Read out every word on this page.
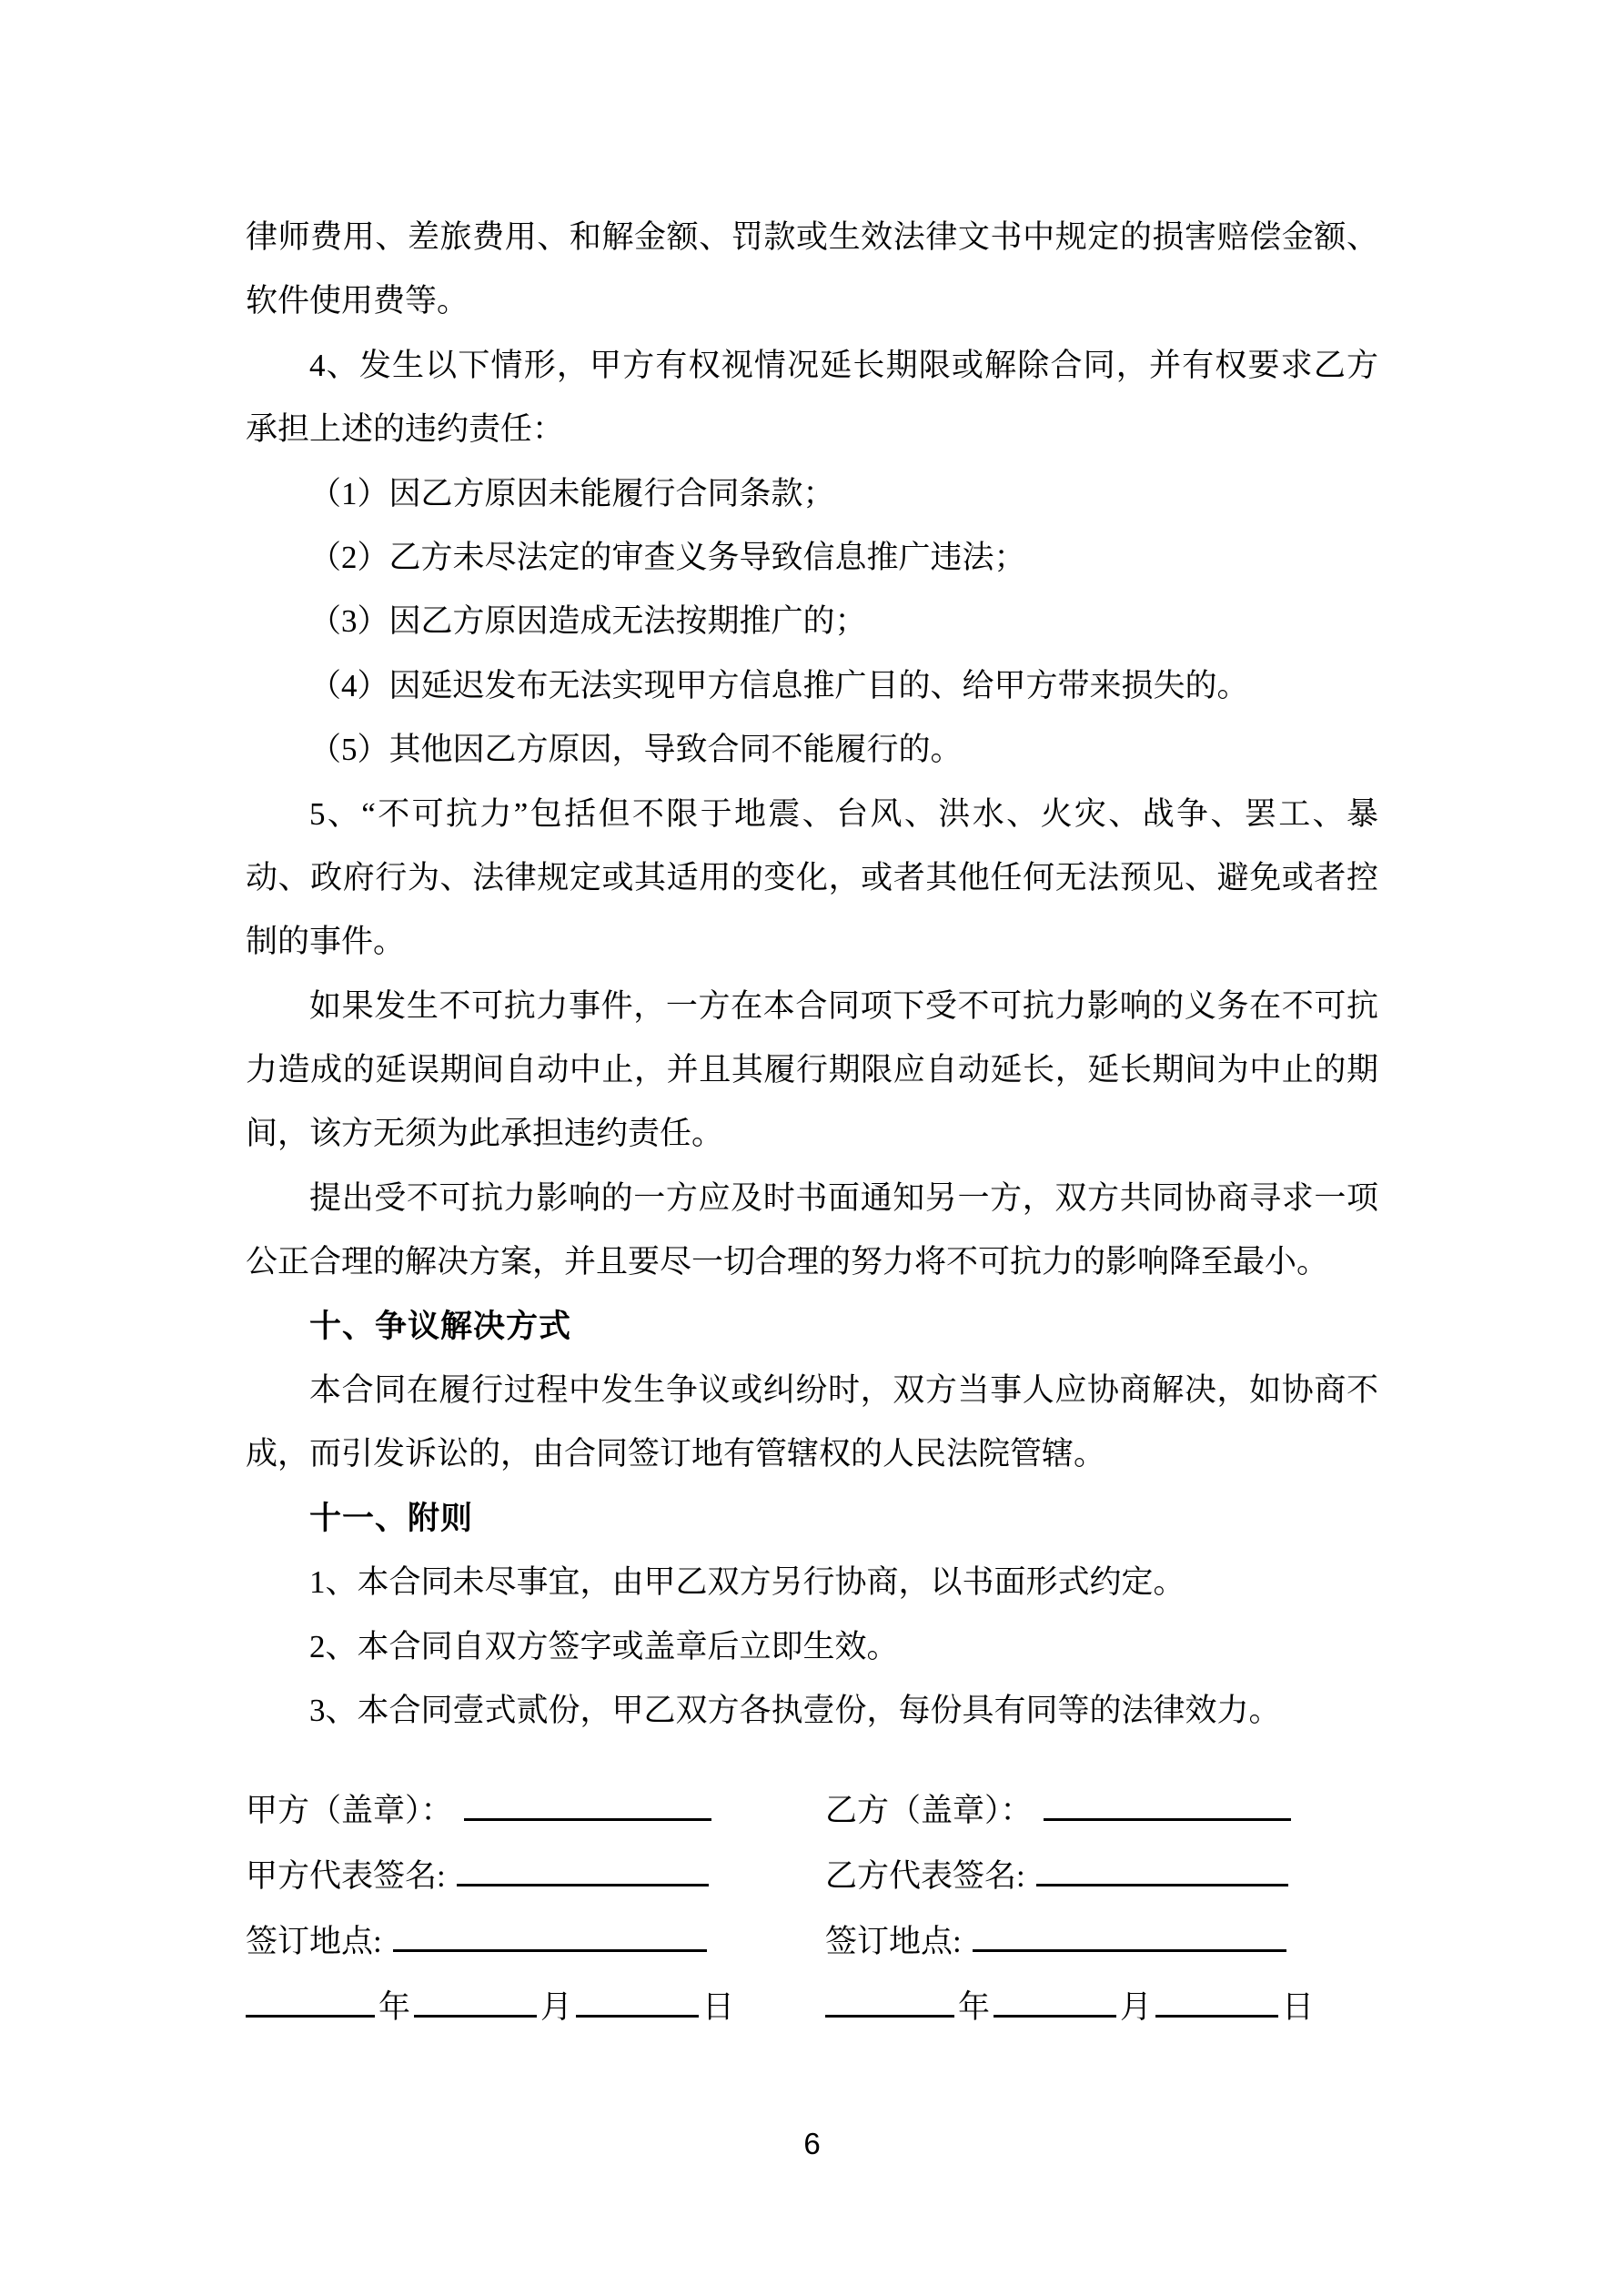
律师费用、差旅费用、和解金额、罚款或生效法律文书中规定的损害赔偿金额、
软件使用费等。
4、发生以下情形，甲方有权视情况延长期限或解除合同，并有权要求乙方
承担上述的违约责任：
（1）因乙方原因未能履行合同条款；
（2）乙方未尽法定的审查义务导致信息推广违法；
（3）因乙方原因造成无法按期推广的；
（4）因延迟发布无法实现甲方信息推广目的、给甲方带来损失的。
（5）其他因乙方原因，导致合同不能履行的。
5、“不可抗力”包括但不限于地震、台风、洪水、火灾、战争、罢工、暴
动、政府行为、法律规定或其适用的变化，或者其他任何无法预见、避免或者控
制的事件。
如果发生不可抗力事件，一方在本合同项下受不可抗力影响的义务在不可抗
力造成的延误期间自动中止，并且其履行期限应自动延长，延长期间为中止的期
间，该方无须为此承担违约责任。
提出受不可抗力影响的一方应及时书面通知另一方，双方共同协商寻求一项
公正合理的解决方案，并且要尽一切合理的努力将不可抗力的影响降至最小。
十、争议解决方式
本合同在履行过程中发生争议或纠纷时，双方当事人应协商解决，如协商不
成，而引发诉讼的，由合同签订地有管辖权的人民法院管辖。
十一、附则
1、本合同未尽事宜，由甲乙双方另行协商，以书面形式约定。
2、本合同自双方签字或盖章后立即生效。
3、本合同壹式贰份，甲乙双方各执壹份，每份具有同等的法律效力。
甲方（盖章）：	乙方（盖章）：
甲方代表签名:	乙方代表签名:
签订地点:	签订地点:
年	月	日	年	月	日
6
